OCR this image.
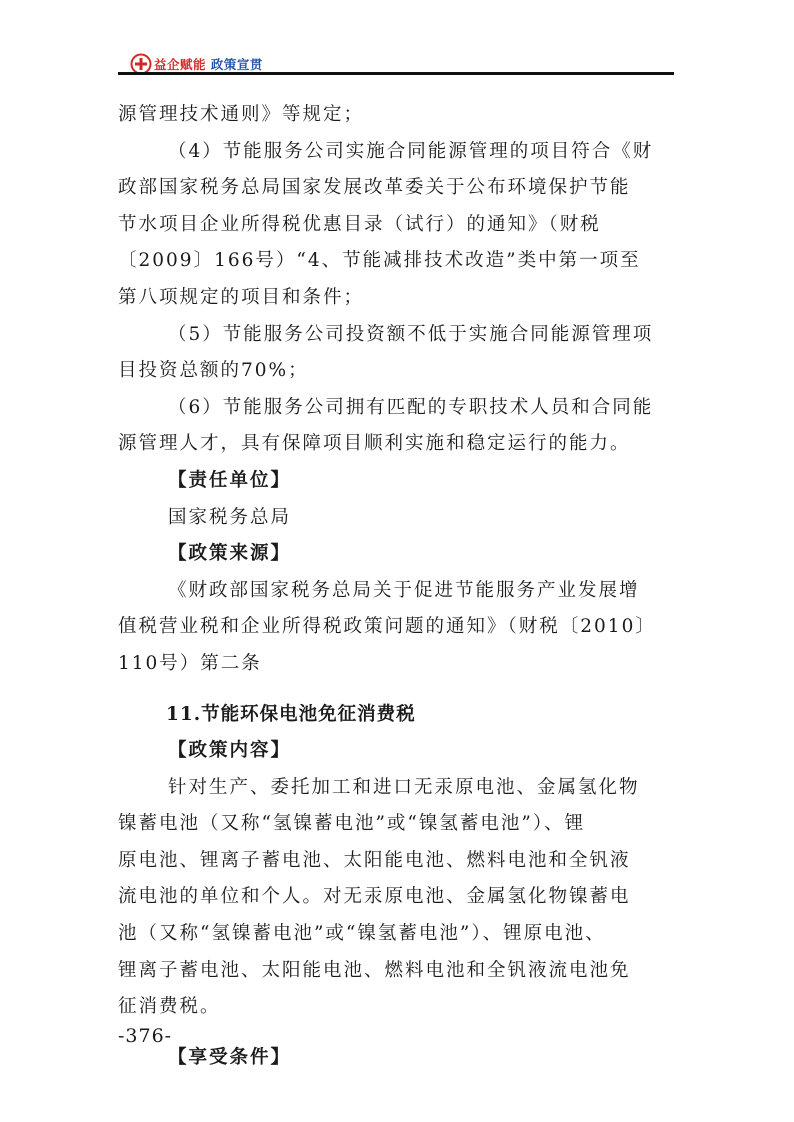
益企赋能 政策宣贯
源管理技术通则》等规定；
（4）节能服务公司实施合同能源管理的项目符合《财
政部国家税务总局国家发展改革委关于公布环境保护节能
节水项目企业所得税优惠目录（试行）的通知》（财税
〔2009〕166号）“4、节能减排技术改造”类中第一项至
第八项规定的项目和条件；
（5）节能服务公司投资额不低于实施合同能源管理项
目投资总额的70%；
（6）节能服务公司拥有匹配的专职技术人员和合同能
源管理人才，具有保障项目顺利实施和稳定运行的能力。
【责任单位】
国家税务总局
【政策来源】
《财政部国家税务总局关于促进节能服务产业发展增
值税营业税和企业所得税政策问题的通知》（财税〔2010〕
110号）第二条
11.节能环保电池免征消费税
【政策内容】
针对生产、委托加工和进口无汞原电池、金属氢化物
镍蓄电池（又称“氢镍蓄电池”或“镍氢蓄电池”）、锂
原电池、锂离子蓄电池、太阳能电池、燃料电池和全钒液
流电池的单位和个人。对无汞原电池、金属氢化物镍蓄电
池（又称“氢镍蓄电池”或“镍氢蓄电池”）、锂原电池、
锂离子蓄电池、太阳能电池、燃料电池和全钒液流电池免
征消费税。
【享受条件】
-376-
